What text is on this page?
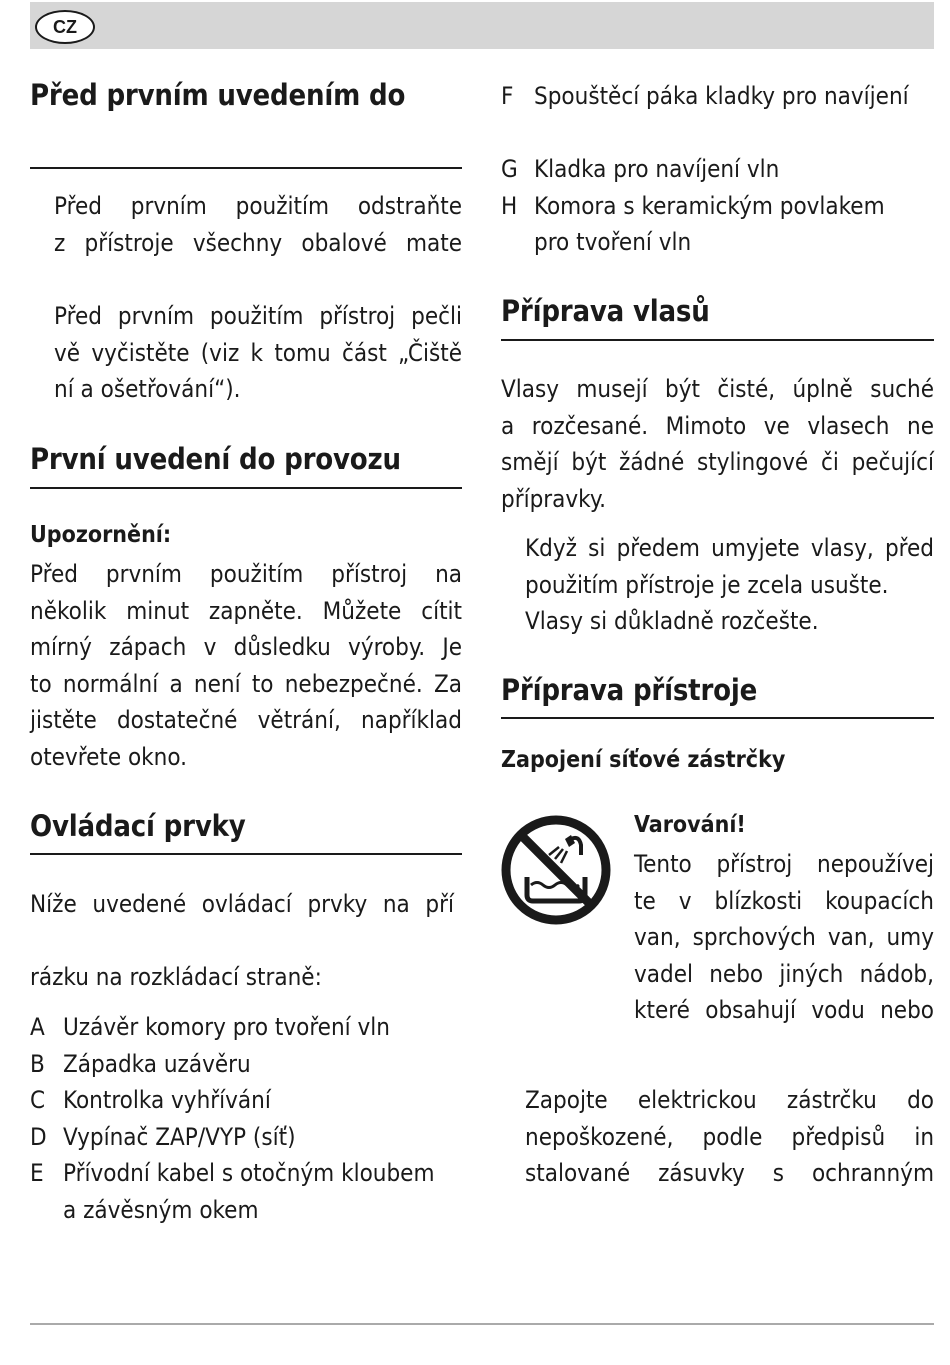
CZ
Před prvním uvedením do

Před prvním použitím odstraňte

z přístroje všechny obalové mate

Před prvním použitím přístroj pečli

vě vyčistěte (viz k tomu část „Čiště

ní a ošetřování“).

První uvedení do provozu
Upozornění:

Před prvním použitím přístroj na

několik minut zapněte. Můžete cítit

mírný zápach v důsledku výroby. Je

to normální a není to nebezpečné. Za

jistěte dostatečné větrání, například

otevřete okno.

Ovládací prvky

Níže uvedené ovládací prvky na pří

rázku na rozkládací straně:

A Uzávěr komory pro tvoření vln
B Západka uzávěru
C Kontrolka vyhřívání
D Vypínač ZAP/VYP (síť)
E Přívodní kabel s otočným kloubem
a závěsným okem
F Spouštěcí páka kladky pro navíjení
G Kladka pro navíjení vln
H Komora s keramickým povlakem
pro tvoření vln
Příprava vlasů

Vlasy musejí být čisté, úplně suché

a rozčesané. Mimoto ve vlasech ne

smějí být žádné stylingové či pečující

přípravky.

Když si předem umyjete vlasy, před

použitím přístroje je zcela usušte.

Vlasy si důkladně rozčešte.

Příprava přístroje
Zapojení síťové zástrčky
Varování!

Tento přístroj nepoužívej

te v blízkosti koupacích

van, sprchových van, umy

vadel nebo jiných nádob,

které obsahují vodu nebo

Zapojte elektrickou zástrčku do

nepoškozené, podle předpisů in

stalované zásuvky s ochranným
